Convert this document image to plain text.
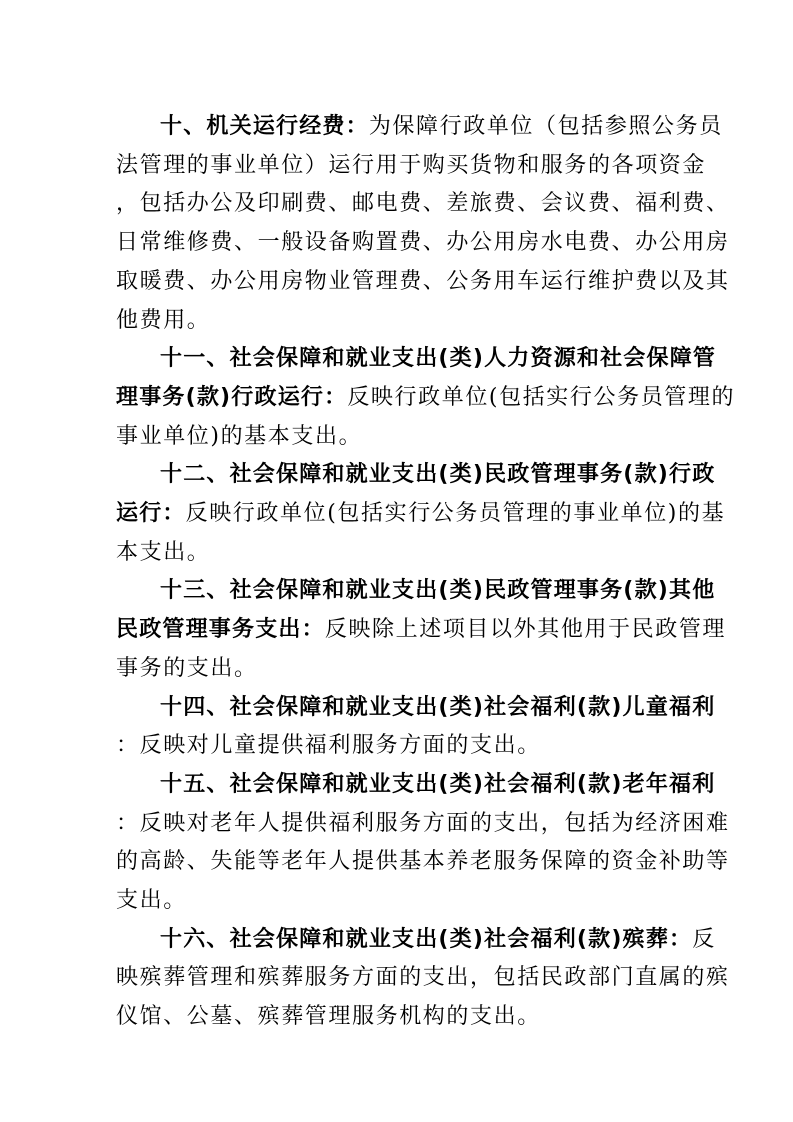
十、机关运行经费：为保障行政单位（包括参照公务员
法管理的事业单位）运行用于购买货物和服务的各项资金
，包括办公及印刷费、邮电费、差旅费、会议费、福利费、
日常维修费、一般设备购置费、办公用房水电费、办公用房
取暖费、办公用房物业管理费、公务用车运行维护费以及其
他费用。

十一、社会保障和就业支出(类)人力资源和社会保障管
理事务(款)行政运行：反映行政单位(包括实行公务员管理的
事业单位)的基本支出。

十二、社会保障和就业支出(类)民政管理事务(款)行政
运行：反映行政单位(包括实行公务员管理的事业单位)的基
本支出。

十三、社会保障和就业支出(类)民政管理事务(款)其他
民政管理事务支出：反映除上述项目以外其他用于民政管理
事务的支出。

十四、社会保障和就业支出(类)社会福利(款)儿童福利
：反映对儿童提供福利服务方面的支出。

十五、社会保障和就业支出(类)社会福利(款)老年福利
：反映对老年人提供福利服务方面的支出，包括为经济困难
的高龄、失能等老年人提供基本养老服务保障的资金补助等
支出。

十六、社会保障和就业支出(类)社会福利(款)殡葬：反
映殡葬管理和殡葬服务方面的支出，包括民政部门直属的殡
仪馆、公墓、殡葬管理服务机构的支出。
